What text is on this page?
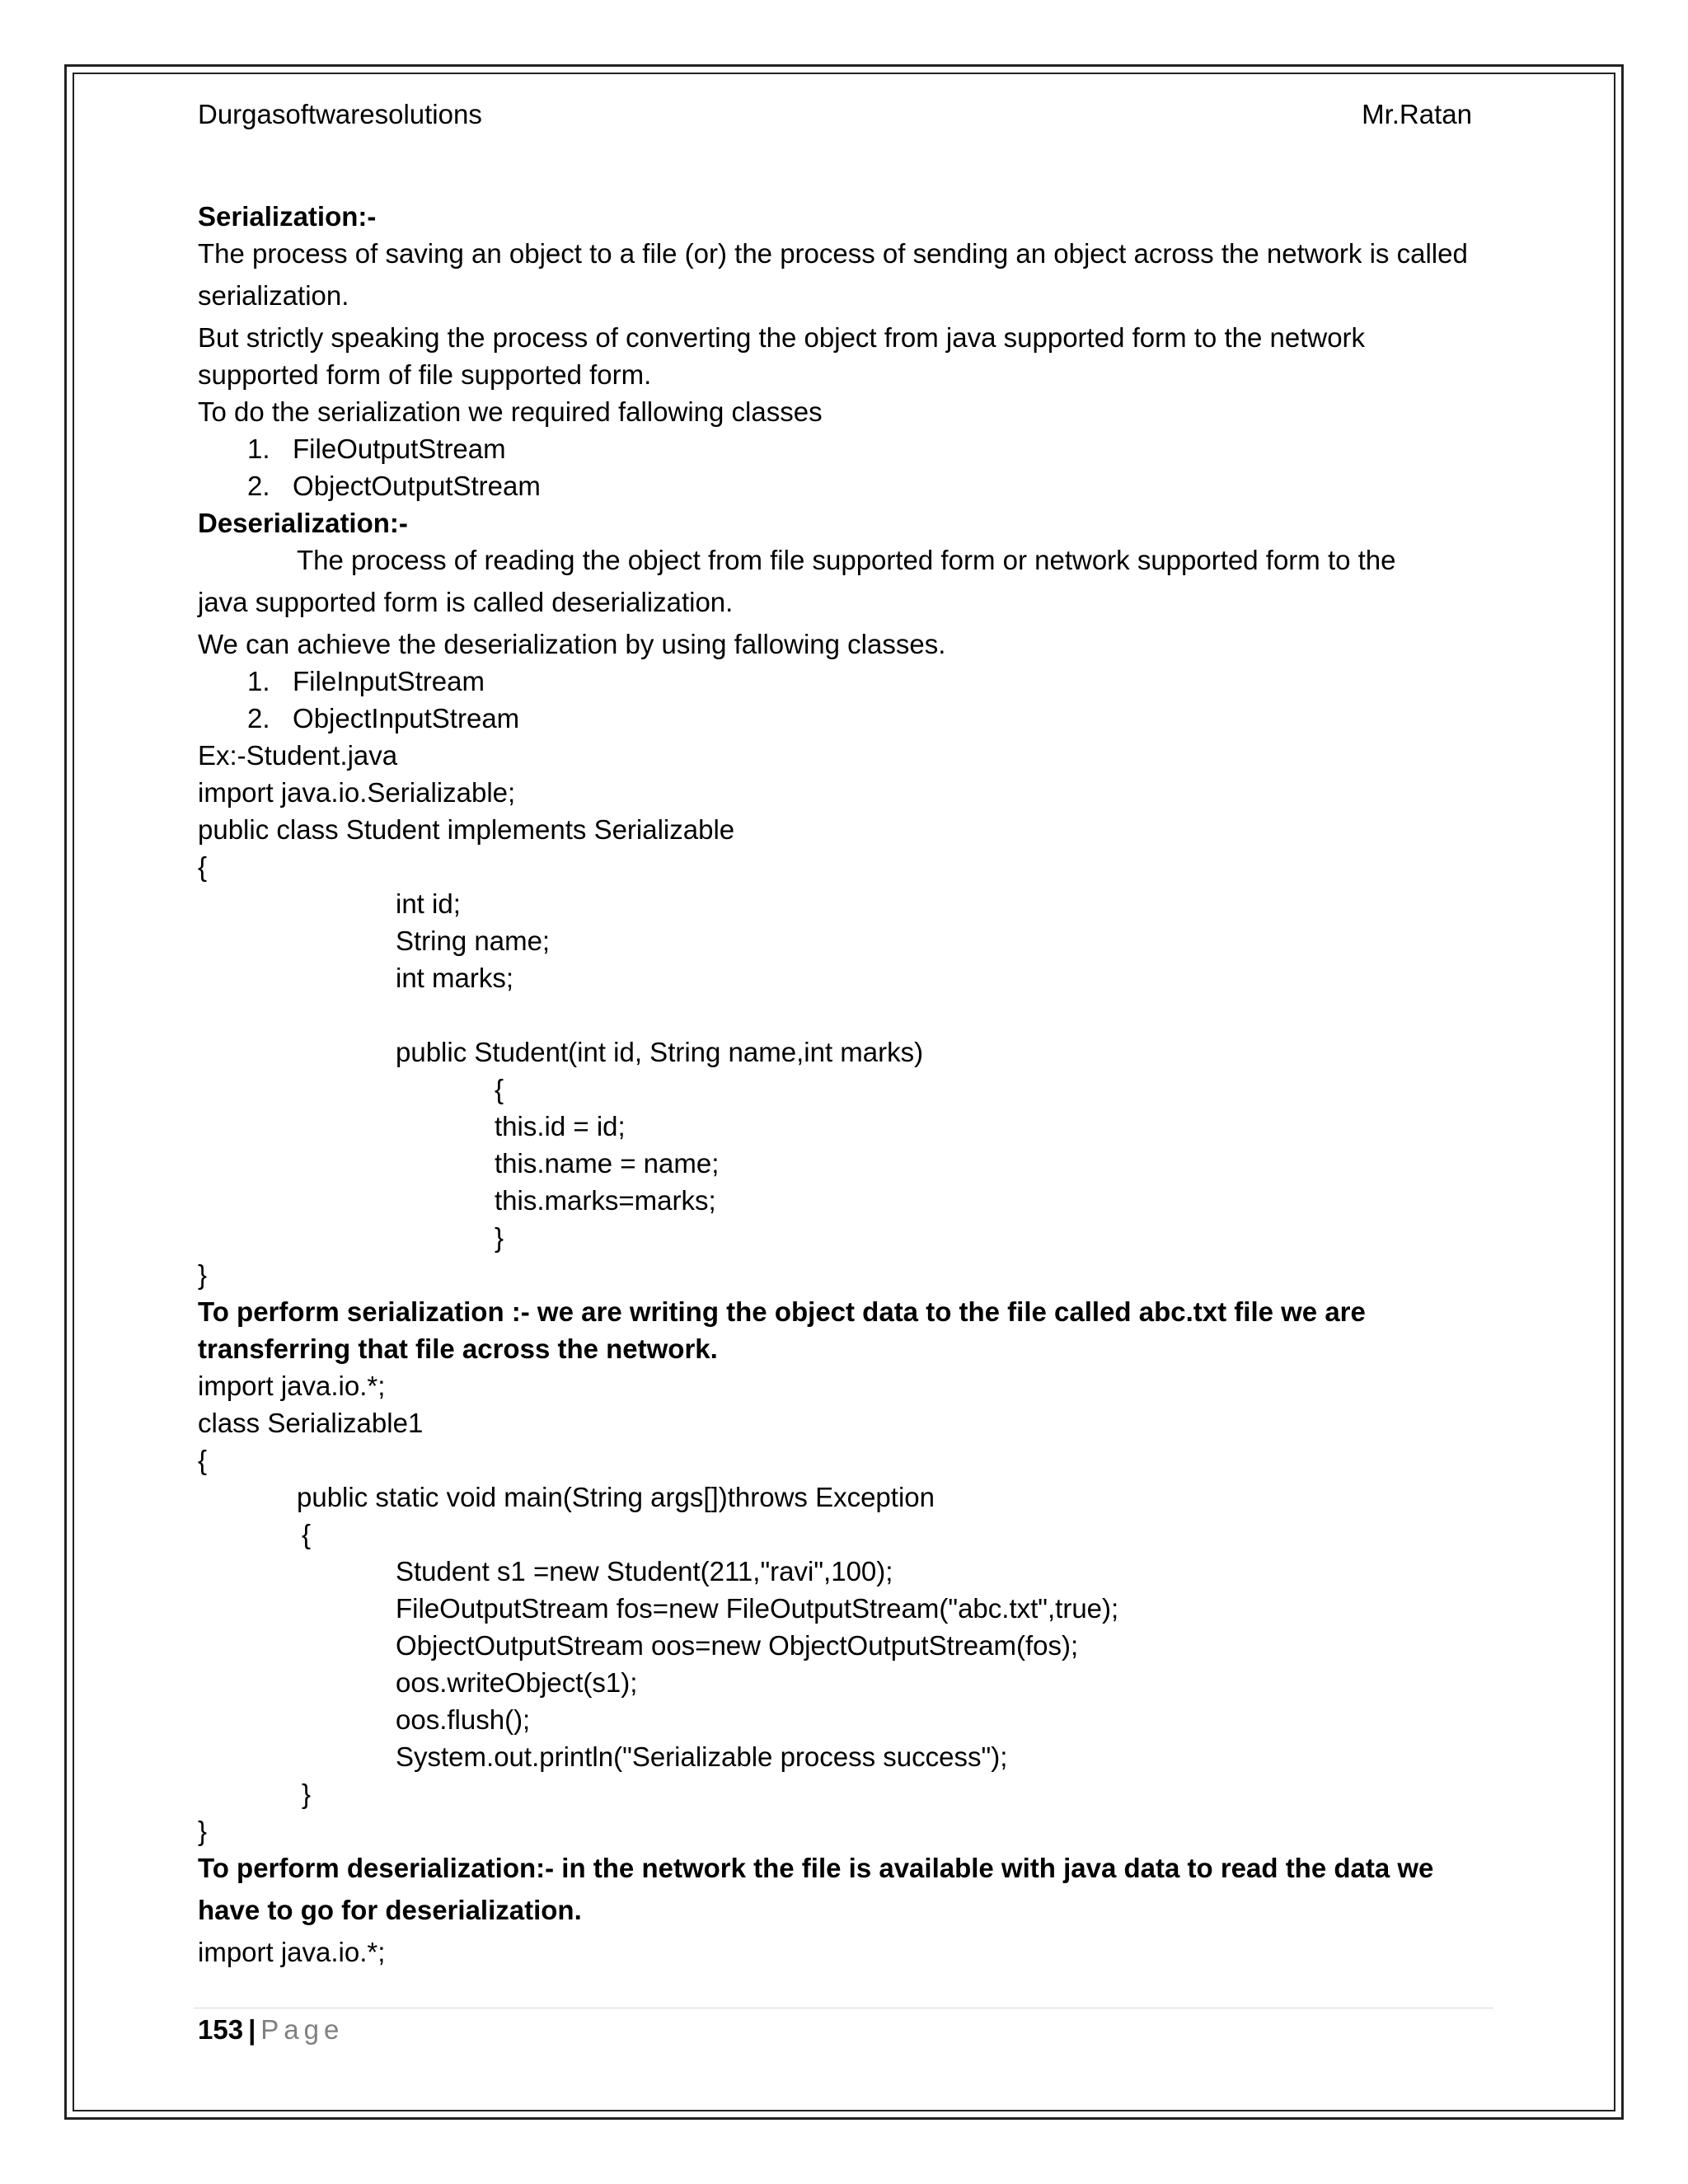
Durgasoftwaresolutions	Mr.Ratan
Serialization:-
The process of saving an object to a file (or) the process of sending an object across the network is called
serialization.
But strictly speaking the process of converting the object from java supported form to the network
supported form of file supported form.
To do the serialization we required fallowing classes
1.   FileOutputStream
2.   ObjectOutputStream
Deserialization:-
The process of reading the object from file supported form or network supported form to the
java supported form is called deserialization.
We can achieve the deserialization by using fallowing classes.
1.   FileInputStream
2.   ObjectInputStream
Ex:-Student.java
import java.io.Serializable;
public class Student implements Serializable
{
int id;
String name;
int marks;
public Student(int id, String name,int marks)
{
this.id = id;
this.name = name;
this.marks=marks;
}
}
To perform serialization :- we are writing the object data to the file called abc.txt file we are
transferring that file across the network.
import java.io.*;
class Serializable1
{
public static void main(String args[])throws Exception
{
Student s1 =new Student(211,"ravi",100);
FileOutputStream fos=new FileOutputStream("abc.txt",true);
ObjectOutputStream oos=new ObjectOutputStream(fos);
oos.writeObject(s1);
oos.flush();
System.out.println("Serializable process success");
}
}
To perform deserialization:- in the network the file is available with java data to read the data we
have to go for deserialization.
import java.io.*;
153 | Page
